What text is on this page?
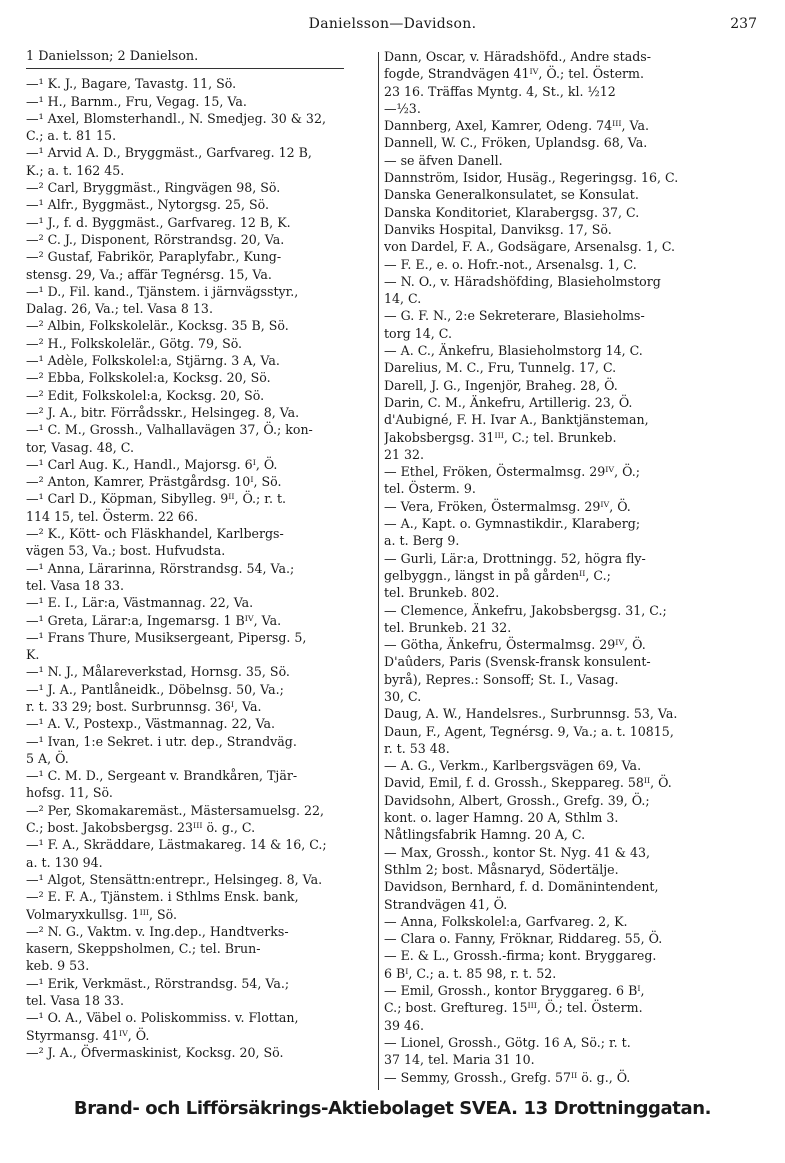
Danielsson—Davidson.	237
1 Danielsson; 2 Danielson.
—¹ K. J., Bagare, Tavastg. 11, Sö.
—¹ H., Barnm., Fru, Vegag. 15, Va.
—¹ Axel, Blomsterhandl., N. Smedjeg. 30 & 32,
C.; a. t. 81 15.
—¹ Arvid A. D., Bryggmäst., Garfvareg. 12 B,
K.; a. t. 162 45.
—² Carl, Bryggmäst., Ringvägen 98, Sö.
—¹ Alfr., Byggmäst., Nytorgsg. 25, Sö.
—¹ J., f. d. Byggmäst., Garfvareg. 12 B, K.
—² C. J., Disponent, Rörstrandsg. 20, Va.
—² Gustaf, Fabrikör, Paraplyfabr., Kung-
stensg. 29, Va.; affär Tegnérsg. 15, Va.
—¹ D., Fil. kand., Tjänstem. i järnvägsstyr.,
Dalag. 26, Va.; tel. Vasa 8 13.
—² Albin, Folkskolelär., Kocksg. 35 B, Sö.
—² H., Folkskolelär., Götg. 79, Sö.
—¹ Adèle, Folkskolel:a, Stjärng. 3 A, Va.
—² Ebba, Folkskolel:a, Kocksg. 20, Sö.
—² Edit, Folkskolel:a, Kocksg. 20, Sö.
—² J. A., bitr. Förrådsskr., Helsingeg. 8, Va.
—¹ C. M., Grossh., Valhallavägen 37, Ö.; kon-
tor, Vasag. 48, C.
—¹ Carl Aug. K., Handl., Majorsg. 6ᴵ, Ö.
—² Anton, Kamrer, Prästgårdsg. 10ᴵ, Sö.
—¹ Carl D., Köpman, Sibylleg. 9ᴵᴵ, Ö.; r. t.
114 15, tel. Österm. 22 66.
—² K., Kött- och Fläskhandel, Karlbergs-
vägen 53, Va.; bost. Hufvudsta.
—¹ Anna, Lärarinna, Rörstrandsg. 54, Va.;
tel. Vasa 18 33.
—¹ E. I., Lär:a, Västmannag. 22, Va.
—¹ Greta, Lärar:a, Ingemarsg. 1 Bᴵⱽ, Va.
—¹ Frans Thure, Musiksergeant, Pipersg. 5,
K.
—¹ N. J., Målareverkstad, Hornsg. 35, Sö.
—¹ J. A., Pantlåneidk., Döbelnsg. 50, Va.;
r. t. 33 29; bost. Surbrunnsg. 36ᴵ, Va.
—¹ A. V., Postexp., Västmannag. 22, Va.
—¹ Ivan, 1:e Sekret. i utr. dep., Strandväg.
5 A, Ö.
—¹ C. M. D., Sergeant v. Brandkåren, Tjär-
hofsg. 11, Sö.
—² Per, Skomakaremäst., Mästersamuelsg. 22,
C.; bost. Jakobsbergsg. 23ᴵᴵᴵ ö. g., C.
—¹ F. A., Skräddare, Lästmakareg. 14 & 16, C.;
a. t. 130 94.
—¹ Algot, Stensättn:entrepr., Helsingeg. 8, Va.
—² E. F. A., Tjänstem. i Sthlms Ensk. bank,
Volmaryxkullsg. 1ᴵᴵᴵ, Sö.
—² N. G., Vaktm. v. Ing.dep., Handtverks-
kasern, Skeppsholmen, C.; tel. Brun-
keb. 9 53.
—¹ Erik, Verkmäst., Rörstrandsg. 54, Va.;
tel. Vasa 18 33.
—¹ O. A., Väbel o. Poliskommiss. v. Flottan,
Styrmansg. 41ᴵⱽ, Ö.
—² J. A., Öfvermaskinist, Kocksg. 20, Sö.
Dann, Oscar, v. Häradshöfd., Andre stads-
fogde, Strandvägen 41ᴵⱽ, Ö.; tel. Österm.
23 16. Träffas Myntg. 4, St., kl. ½12
—½3.
Dannberg, Axel, Kamrer, Odeng. 74ᴵᴵᴵ, Va.
Dannell, W. C., Fröken, Uplandsg. 68, Va.
— se äfven Danell.
Dannström, Isidor, Husäg., Regeringsg. 16, C.
Danska Generalkonsulatet, se Konsulat.
Danska Konditoriet, Klarabergsg. 37, C.
Danviks Hospital, Danviksg. 17, Sö.
von Dardel, F. A., Godsägare, Arsenalsg. 1, C.
— F. E., e. o. Hofr.-not., Arsenalsg. 1, C.
— N. O., v. Häradshöfding, Blasieholmstorg
14, C.
— G. F. N., 2:e Sekreterare, Blasieholms-
torg 14, C.
— A. C., Änkefru, Blasieholmstorg 14, C.
Darelius, M. C., Fru, Tunnelg. 17, C.
Darell, J. G., Ingenjör, Braheg. 28, Ö.
Darin, C. M., Änkefru, Artillerig. 23, Ö.
d'Aubigné, F. H. Ivar A., Banktjänsteman,
Jakobsbergsg. 31ᴵᴵᴵ, C.; tel. Brunkeb.
21 32.
— Ethel, Fröken, Östermalmsg. 29ᴵⱽ, Ö.;
tel. Österm. 9.
— Vera, Fröken, Östermalmsg. 29ᴵⱽ, Ö.
— A., Kapt. o. Gymnastikdir., Klaraberg;
a. t. Berg 9.
— Gurli, Lär:a, Drottningg. 52, högra fly-
gelbyggn., längst in på gårdenᴵᴵ, C.;
tel. Brunkeb. 802.
— Clemence, Änkefru, Jakobsbergsg. 31, C.;
tel. Brunkeb. 21 32.
— Götha, Änkefru, Östermalmsg. 29ᴵⱽ, Ö.
D'aûders, Paris (Svensk-fransk konsulent-
byrå), Repres.: Sonsoff; St. I., Vasag.
30, C.
Daug, A. W., Handelsres., Surbrunnsg. 53, Va.
Daun, F., Agent, Tegnérsg. 9, Va.; a. t. 10815,
r. t. 53 48.
— A. G., Verkm., Karlbergsvägen 69, Va.
David, Emil, f. d. Grossh., Skeppareg. 58ᴵᴵ, Ö.
Davidsohn, Albert, Grossh., Grefg. 39, Ö.;
kont. o. lager Hamng. 20 A, Sthlm 3.
Nåtlingsfabrik Hamng. 20 A, C.
— Max, Grossh., kontor St. Nyg. 41 & 43,
Sthlm 2; bost. Måsnaryd, Södertälje.
Davidson, Bernhard, f. d. Domänintendent,
Strandvägen 41, Ö.
— Anna, Folkskolel:a, Garfvareg. 2, K.
— Clara o. Fanny, Fröknar, Riddareg. 55, Ö.
— E. & L., Grossh.-firma; kont. Bryggareg.
6 Bᴵ, C.; a. t. 85 98, r. t. 52.
— Emil, Grossh., kontor Bryggareg. 6 Bᴵ,
C.; bost. Greftureg. 15ᴵᴵᴵ, Ö.; tel. Österm.
39 46.
— Lionel, Grossh., Götg. 16 A, Sö.; r. t.
37 14, tel. Maria 31 10.
— Semmy, Grossh., Grefg. 57ᴵᴵ ö. g., Ö.
Brand- och Lifförsäkrings-Aktiebolaget SVEA. 13 Drottninggatan.
